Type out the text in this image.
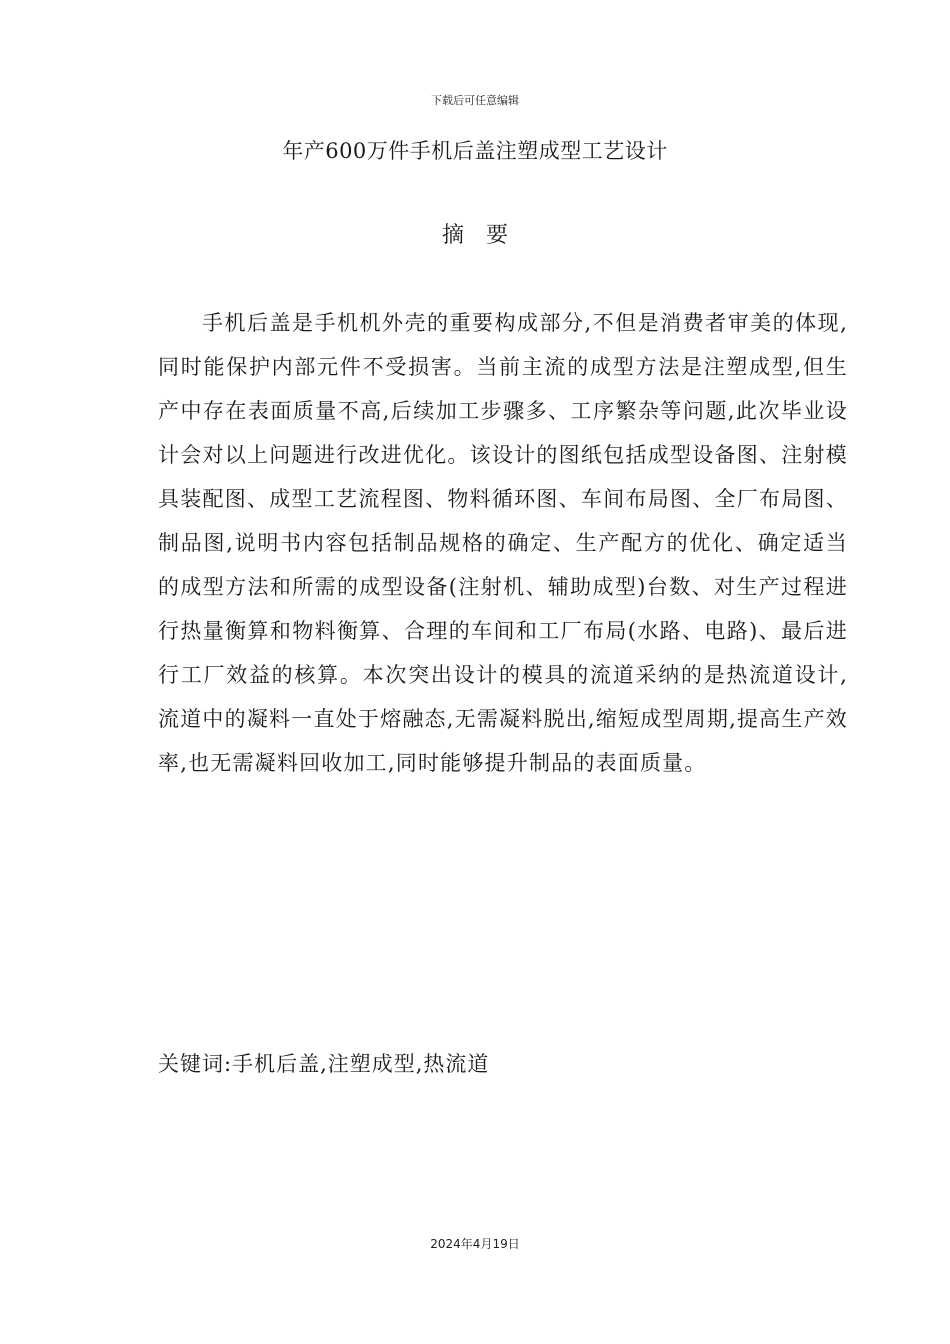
下载后可任意编辑
年产600万件手机后盖注塑成型工艺设计
摘要

手机后盖是手机机外壳的重要构成部分,不但是消费者审美的体现,同时能保护内部元件不受损害。当前主流的成型方法是注塑成型,但生产中存在表面质量不高,后续加工步骤多、工序繁杂等问题,此次毕业设计会对以上问题进行改进优化。该设计的图纸包括成型设备图、注射模具装配图、成型工艺流程图、物料循环图、车间布局图、全厂布局图、制品图,说明书内容包括制品规格的确定、生产配方的优化、确定适当的成型方法和所需的成型设备(注射机、辅助成型)台数、对生产过程进行热量衡算和物料衡算、合理的车间和工厂布局(水路、电路)、最后进行工厂效益的核算。本次突出设计的模具的流道采纳的是热流道设计,流道中的凝料一直处于熔融态,无需凝料脱出,缩短成型周期,提高生产效率,也无需凝料回收加工,同时能够提升制品的表面质量。

关键词:手机后盖,注塑成型,热流道

2024年4月19日
